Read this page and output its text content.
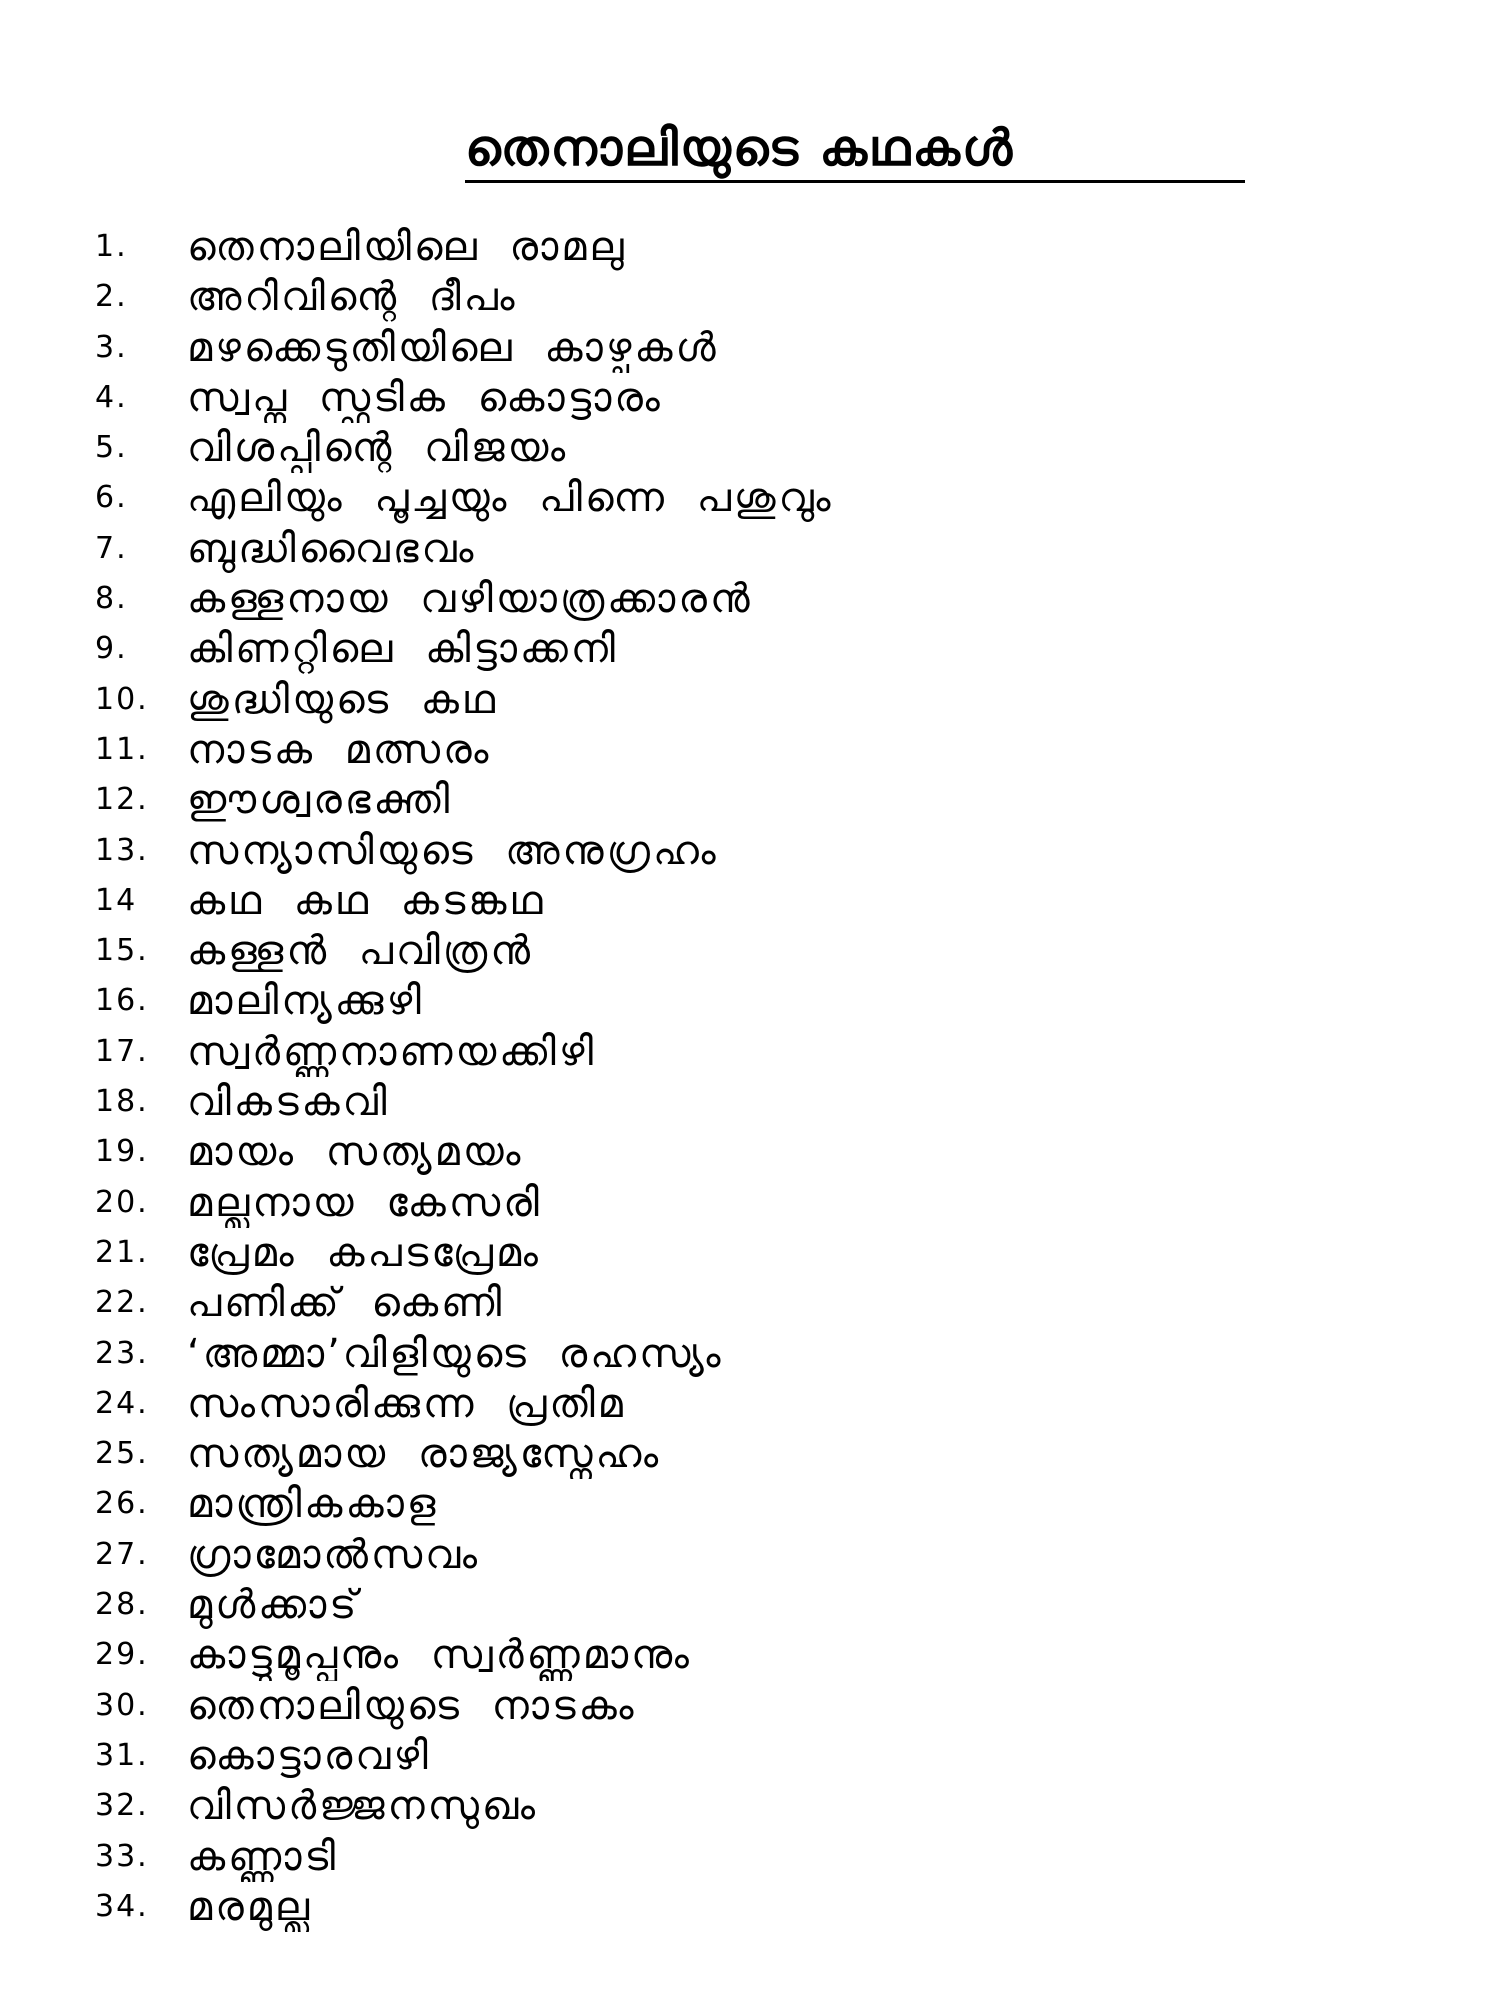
തെനാലിയുടെ കഥകൾ
1.	തെനാലിയിലെ രാമലു
2.	അറിവിന്റെ ദീപം
3.	മഴക്കെടുതിയിലെ കാഴ്ചകൾ
4.	സ്വപ്ന സ്ഫടിക കൊട്ടാരം
5.	വിശപ്പിന്റെ വിജയം
6.	എലിയും പൂച്ചയും പിന്നെ പശുവും
7.	ബുദ്ധിവൈഭവം
8.	കള്ളനായ വഴിയാത്രക്കാരൻ
9.	കിണറ്റിലെ കിട്ടാക്കനി
10. ശുദ്ധിയുടെ കഥ
11. നാടക മത്സരം
12. ഈശ്വരഭക്തി
13. സന്യാസിയുടെ അനുഗ്രഹം
14	കഥ കഥ കടങ്കഥ
15. കള്ളൻ പവിത്രൻ
16. മാലിന്യക്കുഴി
17. സ്വർണ്ണനാണയക്കിഴി
18. വികടകവി
19. മായം സത്യമയം
20. മല്ലനായ കേസരി
21. പ്രേമം കപടപ്രേമം
22. പണിക്ക് കെണി
23. ‘അമ്മാ’വിളിയുടെ രഹസ്യം
24. സംസാരിക്കുന്ന പ്രതിമ
25. സത്യമായ രാജ്യസ്നേഹം
26. മാന്ത്രികകാള
27. ഗ്രാമോൽസവം
28. മുൾക്കാട്
29. കാട്ടുമൂപ്പനും സ്വർണ്ണമാനും
30. തെനാലിയുടെ നാടകം
31. കൊട്ടാരവഴി
32. വിസർജ്ജനസുഖം
33. കണ്ണാടി
34. മരമുല്ല
